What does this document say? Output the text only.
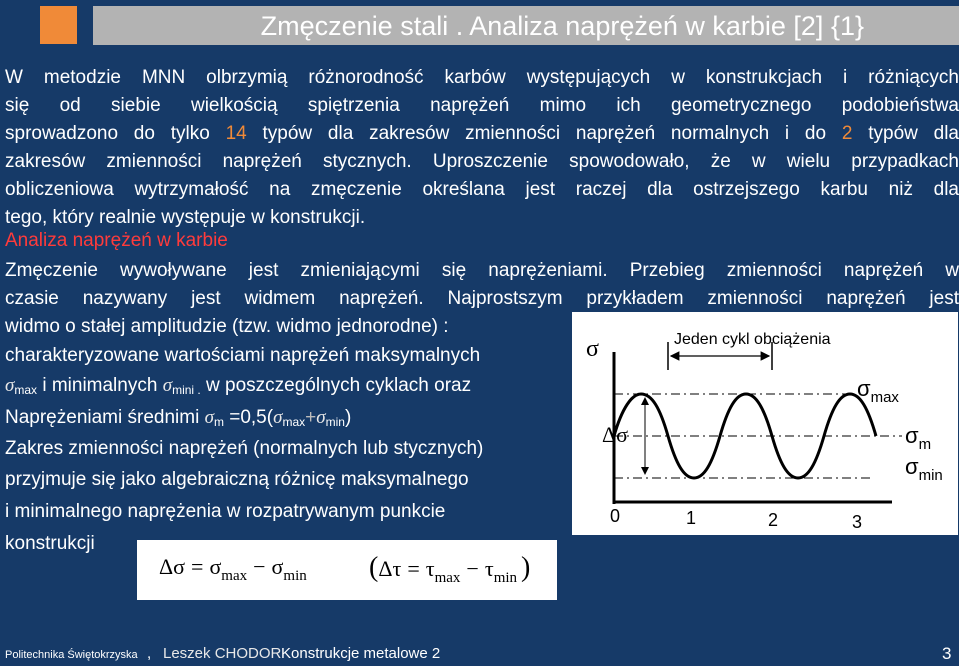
Zmęczenie stali . Analiza naprężeń w karbie [2] {1}
W metodzie MNN olbrzymią różnorodność karbów występujących w konstrukcjach i różniących
się od siebie wielkością spiętrzenia naprężeń mimo ich geometrycznego podobieństwa
sprowadzono do tylko 14 typów dla zakresów zmienności naprężeń normalnych i do 2 typów dla
zakresów zmienności naprężeń stycznych. Uproszczenie spowodowało, że w wielu przypadkach
obliczeniowa wytrzymałość na zmęczenie określana jest raczej dla ostrzejszego karbu niż dla

tego, który realnie występuje w konstrukcji.
Analiza naprężeń w karbie
Zmęczenie wywoływane jest zmieniającymi się naprężeniami. Przebieg zmienności naprężeń w
czasie nazywany jest widmem naprężeń. Najprostszym przykładem zmienności naprężeń jest

widmo o stałej amplitudzie (tzw. widmo jednorodne) :
charakteryzowane wartościami naprężeń maksymalnych
$\sigma_{max}$ i minimalnych $\sigma_{mini .}$ w poszczególnych cyklach oraz
Naprężeniami średnimi $\sigma_m =0,5(\sigma_{max}+\sigma_{min})$
Zakres zmienności naprężeń (normalnych lub stycznych)
przyjmuje się jako algebraiczną różnicę maksymalnego
i minimalnego naprężenia w rozpatrywanym punkcie
konstrukcji
σ	Jeden cykl obciążenia
Δσ
$\sigma_{max}$
$\sigma_m$
$\sigma_{min}$
0	1	2	3
$\Delta\sigma = \sigma_{max} - \sigma_{min}$ ($\Delta\tau = \tau_{max}$ − $\tau_{min}$ )
Politechnika Świętokrzyska , Leszek CHODOR Konstrukcje metalowe 2	3
